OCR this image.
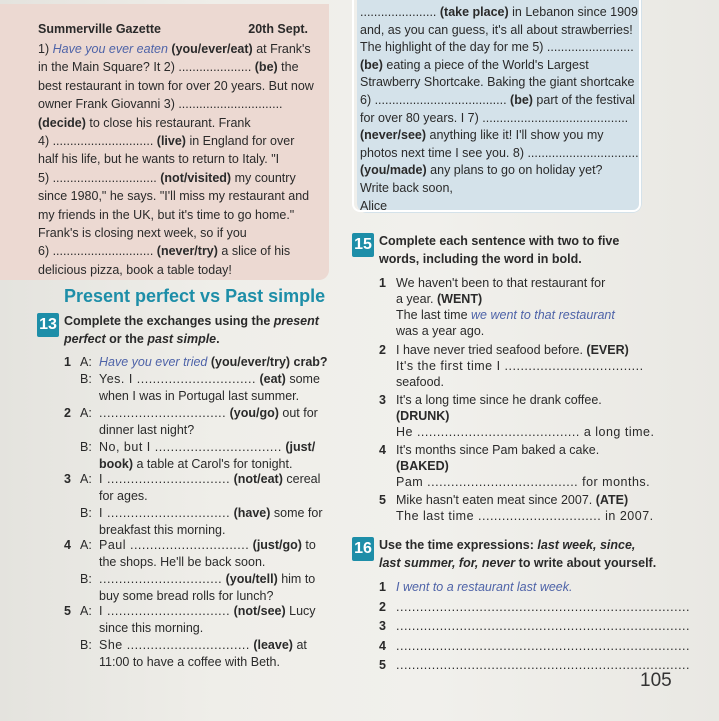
Summerville Gazette	20th Sept.
1) Have you ever eaten (you/ever/eat) at Frank's
in the Main Square? It 2) ..................... (be) the
best restaurant in town for over 20 years. But now
owner Frank Giovanni 3) ..............................
(decide) to close his restaurant. Frank
4) ............................. (live) in England for over
half his life, but he wants to return to Italy. "I
5) .............................. (not/visited) my country
since 1980," he says. "I'll miss my restaurant and
my friends in the UK, but it's time to go home."
Frank's is closing next week, so if you
6) ............................. (never/try) a slice of his
delicious pizza, book a table today!
...................... (take place) in Lebanon since 1909
and, as you can guess, it's all about strawberries!
The highlight of the day for me 5) .........................
(be) eating a piece of the World's Largest
Strawberry Shortcake. Baking the giant shortcake
6) ...................................... (be) part of the festival
for over 80 years. I 7) ..........................................
(never/see) anything like it! I'll show you my
photos next time I see you. 8) ................................
(you/made) any plans to go on holiday yet?
Write back soon,
Alice
Present perfect vs Past simple
13 Complete the exchanges using the present
perfect or the past simple.
1 A: Have you ever tried (you/ever/try) crab?
B: Yes. I .............................. (eat) some
when I was in Portugal last summer.
2 A: ................................ (you/go) out for
dinner last night?
B: No, but I ................................ (just/
book) a table at Carol's for tonight.
3 A: I ............................... (not/eat) cereal
for ages.
B: I ............................... (have) some for
breakfast this morning.
4 A: Paul .............................. (just/go) to
the shops. He'll be back soon.
B: ............................... (you/tell) him to
buy some bread rolls for lunch?
5 A: I ............................... (not/see) Lucy
since this morning.
B: She ............................... (leave) at
11:00 to have a coffee with Beth.
15 Complete each sentence with two to five
words, including the word in bold.
1 We haven't been to that restaurant for
a year. (WENT)
The last time we went to that restaurant
was a year ago.
2 I have never tried seafood before. (EVER)
It's the first time I ...................................
seafood.
3 It's a long time since he drank coffee.
(DRUNK)
He ......................................... a long time.
4 It's months since Pam baked a cake.
(BAKED)
Pam ...................................... for months.
5 Mike hasn't eaten meat since 2007. (ATE)
The last time ............................... in 2007.
16 Use the time expressions: last week, since,
last summer, for, never to write about yourself.
1 I went to a restaurant last week.
2 ..........................................................................
3 ..........................................................................
4 ..........................................................................
5 ..........................................................................
105
